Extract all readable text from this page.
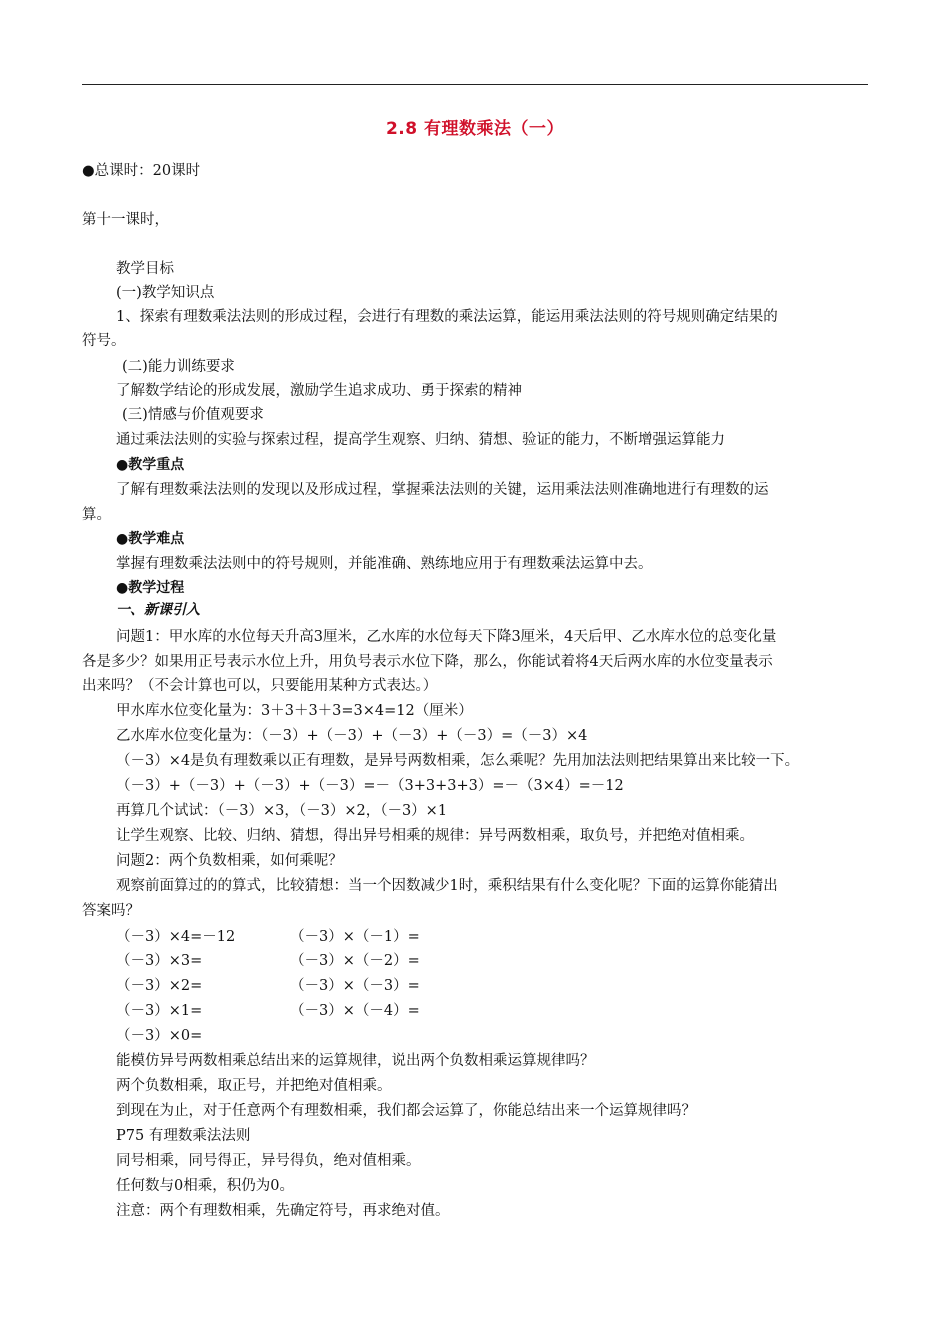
2.8 有理数乘法（一）
●总课时：20课时
第十一课时，
教学目标
(一)教学知识点
1、探索有理数乘法法则的形成过程，会进行有理数的乘法运算，能运用乘法法则的符号规则确定结果的
符号。
(二)能力训练要求
了解数学结论的形成发展，激励学生追求成功、勇于探索的精神
(三)情感与价值观要求
通过乘法法则的实验与探索过程，提高学生观察、归纳、猜想、验证的能力，不断增强运算能力
●教学重点
了解有理数乘法法则的发现以及形成过程，掌握乘法法则的关键，运用乘法法则准确地进行有理数的运
算。
●教学难点
掌握有理数乘法法则中的符号规则，并能准确、熟练地应用于有理数乘法运算中去。
●教学过程
一、新课引入
问题1：甲水库的水位每天升高3厘米，乙水库的水位每天下降3厘米，4天后甲、乙水库水位的总变化量
各是多少？如果用正号表示水位上升，用负号表示水位下降，那么，你能试着将4天后两水库的水位变量表示
出来吗？（不会计算也可以，只要能用某种方式表达。）
甲水库水位变化量为：3＋3＋3＋3=3×4=12（厘米）
乙水库水位变化量为：（－3）+（－3）+（－3）+（－3）=（－3）×4
（－3）×4是负有理数乘以正有理数，是异号两数相乘，怎么乘呢？先用加法法则把结果算出来比较一下。
（－3）+（－3）+（－3）+（－3）=－（3+3+3+3）=－（3×4）=－12
再算几个试试：（－3）×3，（－3）×2，（－3）×1
让学生观察、比较、归纳、猜想，得出异号相乘的规律：异号两数相乘，取负号，并把绝对值相乘。
问题2：两个负数相乘，如何乘呢？
观察前面算过的的算式，比较猜想：当一个因数减少1时，乘积结果有什么变化呢？下面的运算你能猜出
答案吗？
（－3）×4=－12	（－3）×（－1）=
（－3）×3=	（－3）×（－2）=
（－3）×2=	（－3）×（－3）=
（－3）×1=	（－3）×（－4）=
（－3）×0=
能模仿异号两数相乘总结出来的运算规律，说出两个负数相乘运算规律吗？
两个负数相乘，取正号，并把绝对值相乘。
到现在为止，对于任意两个有理数相乘，我们都会运算了，你能总结出来一个运算规律吗？
P75 有理数乘法法则
同号相乘，同号得正，异号得负，绝对值相乘。
任何数与0相乘，积仍为0。
注意：两个有理数相乘，先确定符号，再求绝对值。
